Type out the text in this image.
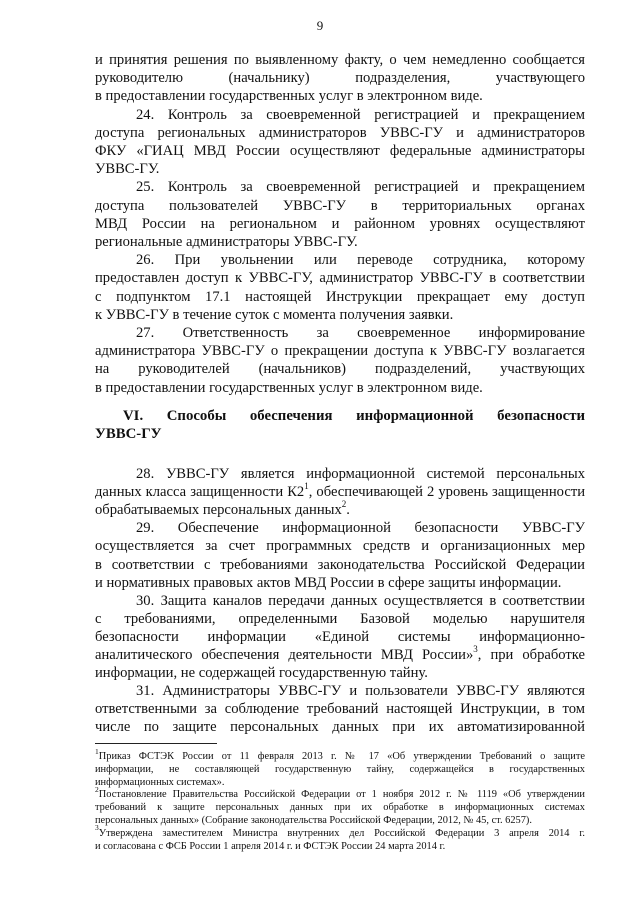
9
и принятия решения по выявленному факту, о чем немедленно сообщается
руководителю (начальнику) подразделения, участвующего
в предоставлении государственных услуг в электронном виде.
24. Контроль за своевременной регистрацией и прекращением
доступа региональных администраторов УВВС-ГУ и администраторов
ФКУ «ГИАЦ МВД России осуществляют федеральные администраторы
УВВС-ГУ.
25. Контроль за своевременной регистрацией и прекращением
доступа пользователей УВВС-ГУ в территориальных органах
МВД России на региональном и районном уровнях осуществляют
региональные администраторы УВВС-ГУ.
26. При увольнении или переводе сотрудника, которому
предоставлен доступ к УВВС-ГУ, администратор УВВС-ГУ в соответствии
с подпунктом 17.1 настоящей Инструкции прекращает ему доступ
к УВВС-ГУ в течение суток с момента получения заявки.
27. Ответственность за своевременное информирование
администратора УВВС-ГУ о прекращении доступа к УВВС-ГУ возлагается
на руководителей (начальников) подразделений, участвующих
в предоставлении государственных услуг в электронном виде.
VI. Способы обеспечения информационной безопасности
УВВС-ГУ
28. УВВС-ГУ является информационной системой персональных
данных класса защищенности $К2^1$, обеспечивающей 2 уровень защищенности
обрабатываемых персональных данных$^2$.
29. Обеспечение информационной безопасности УВВС-ГУ
осуществляется за счет программных средств и организационных мер
в соответствии с требованиями законодательства Российской Федерации
и нормативных правовых актов МВД России в сфере защиты информации.
30. Защита каналов передачи данных осуществляется в соответствии
с требованиями, определенными Базовой моделью нарушителя
безопасности информации «Единой системы информационно-
аналитического обеспечения деятельности МВД России»$^3$, при обработке
информации, не содержащей государственную тайну.
31. Администраторы УВВС-ГУ и пользователи УВВС-ГУ являются
ответственными за соблюдение требований настоящей Инструкции, в том
числе по защите персональных данных при их автоматизированной
$^1$Приказ ФСТЭК России от 11 февраля 2013 г. № 17 «Об утверждении Требований о защите
информации, не составляющей государственную тайну, содержащейся в государственных
информационных системах».
$^2$Постановление Правительства Российской Федерации от 1 ноября 2012 г. № 1119 «Об утверждении
требований к защите персональных данных при их обработке в информационных системах
персональных данных» (Собрание законодательства Российской Федерации, 2012, № 45, ст. 6257).
$^3$Утверждена заместителем Министра внутренних дел Российской Федерации 3 апреля 2014 г.
и согласована с ФСБ России 1 апреля 2014 г. и ФСТЭК России 24 марта 2014 г.
